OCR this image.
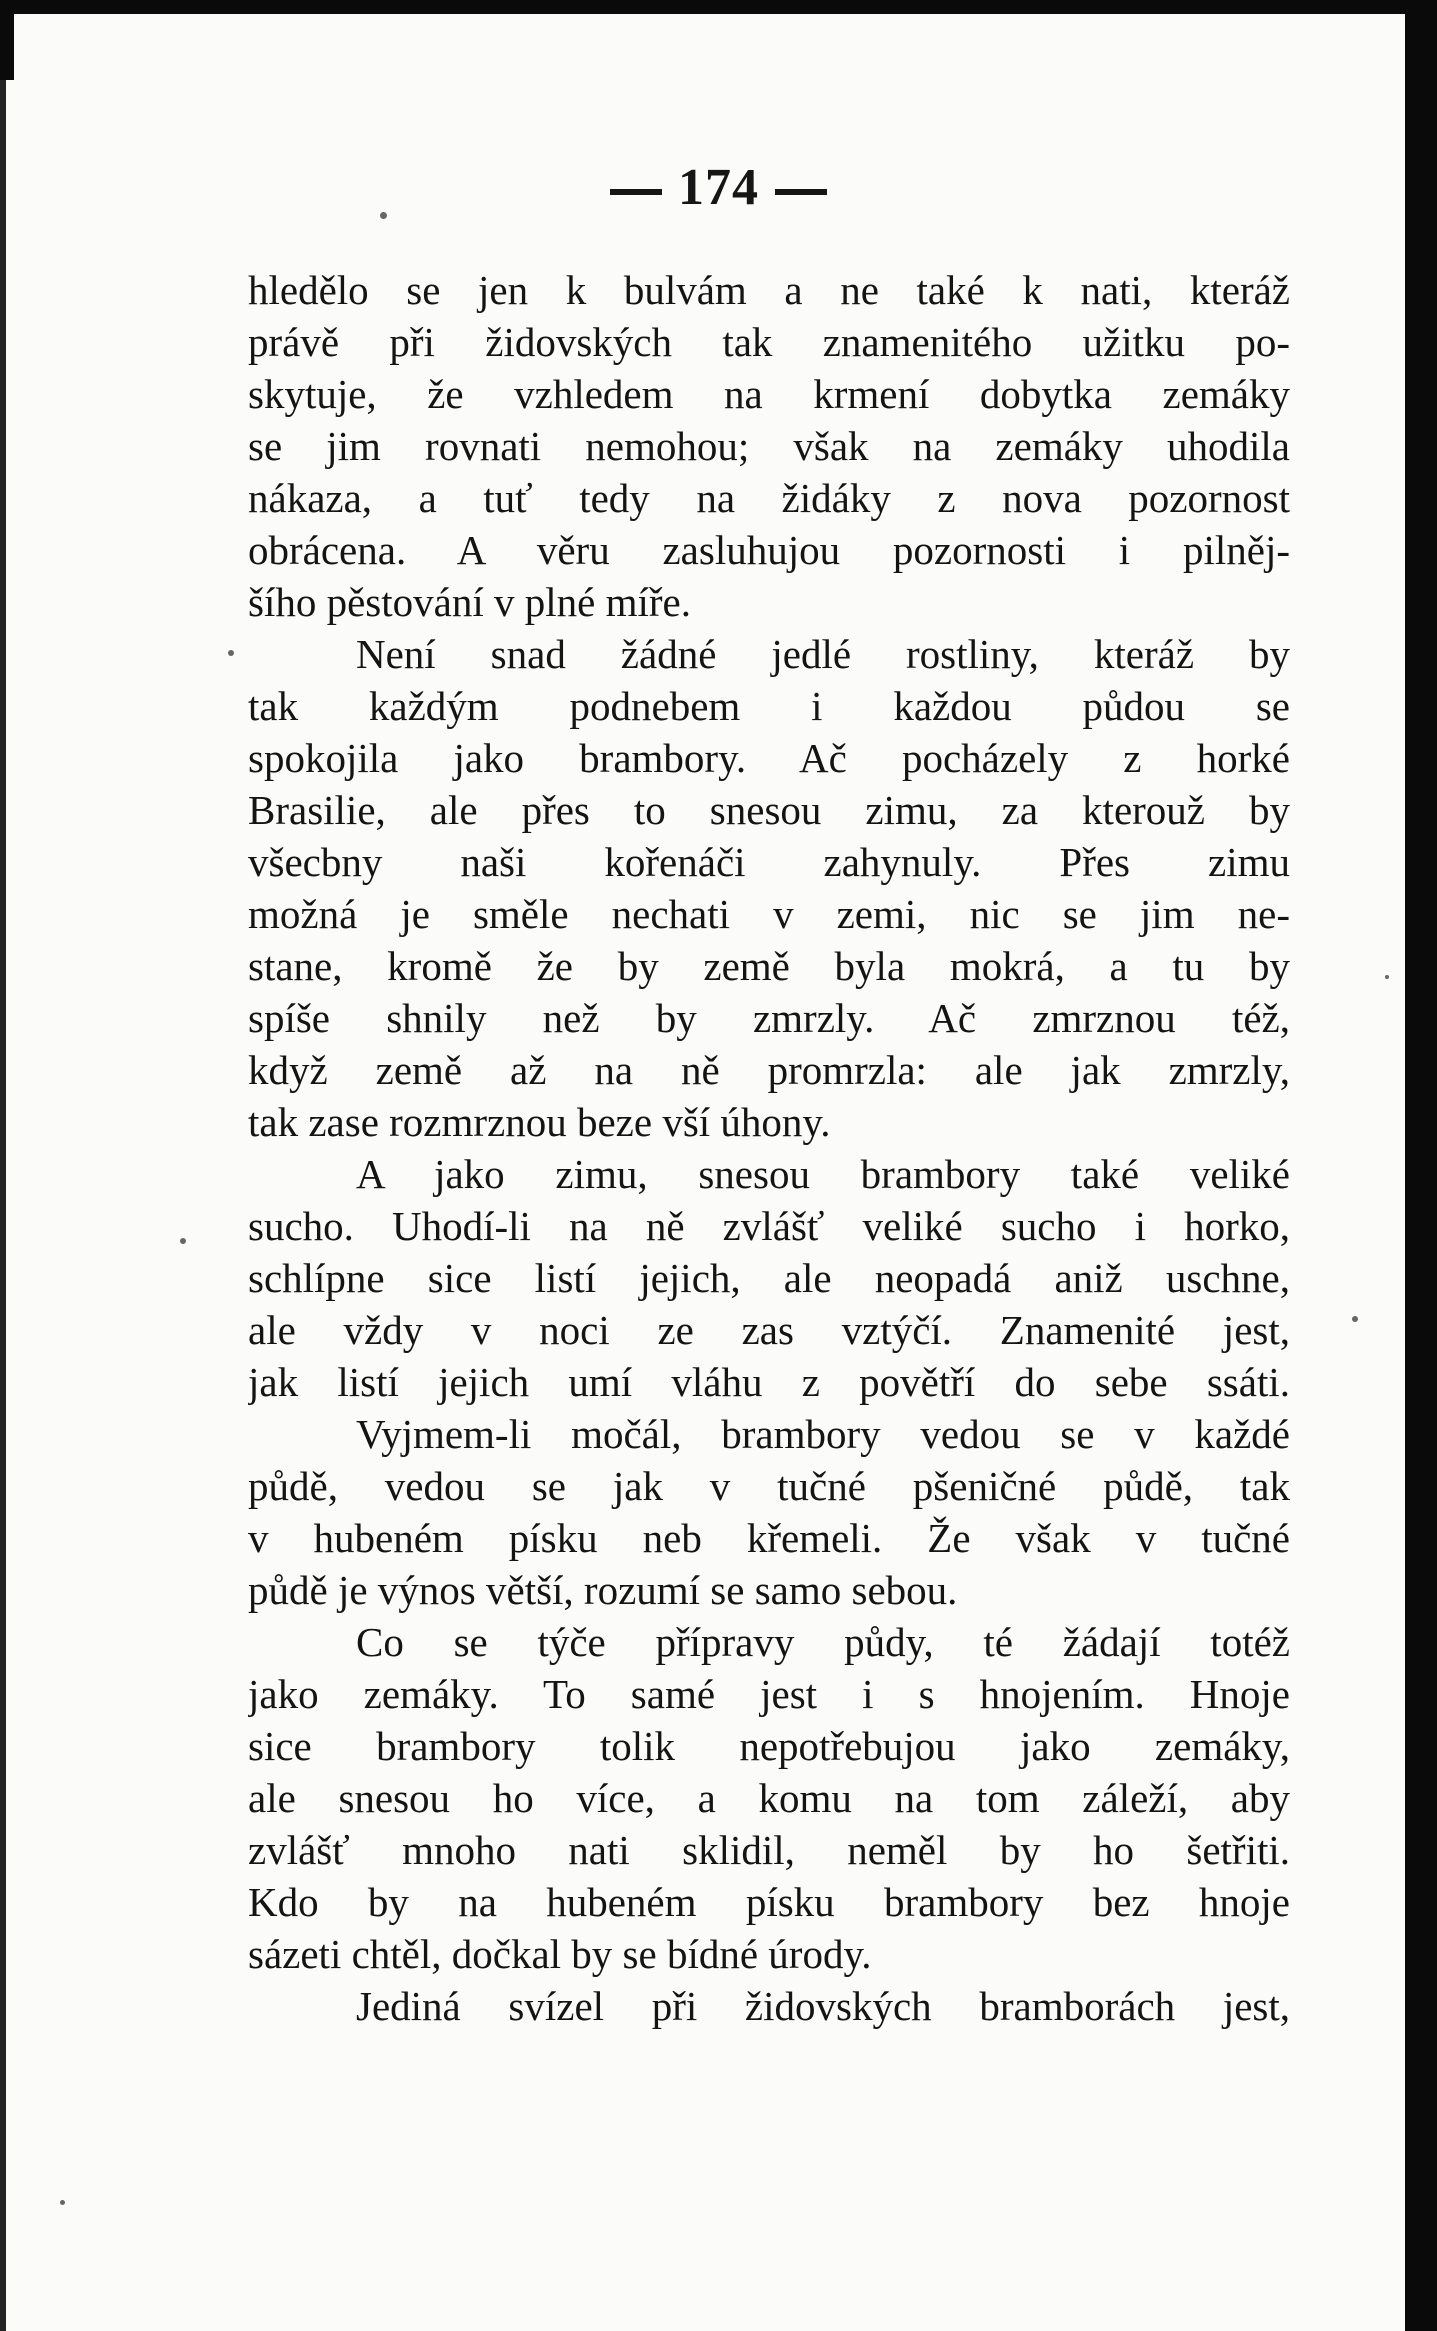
174
hledělo se jen k bulvám a ne také k nati, kteráž
právě při židovských tak znamenitého užitku po-
skytuje, že vzhledem na krmení dobytka zemáky
se jim rovnati nemohou; však na zemáky uhodila
nákaza, a tuť tedy na židáky z nova pozornost
obrácena. A věru zasluhujou pozornosti i pilněj-
šího pěstování v plné míře.
Není snad žádné jedlé rostliny, kteráž by
tak každým podnebem i každou půdou se
spokojila jako brambory. Ač pocházely z horké
Brasilie, ale přes to snesou zimu, za kterouž by
všecbny naši kořenáči zahynuly. Přes zimu
možná je směle nechati v zemi, nic se jim ne-
stane, kromě že by země byla mokrá, a tu by
spíše shnily než by zmrzly. Ač zmrznou též,
když země až na ně promrzla: ale jak zmrzly,
tak zase rozmrznou beze vší úhony.
A jako zimu, snesou brambory také veliké
sucho. Uhodí-li na ně zvlášť veliké sucho i horko,
schlípne sice listí jejich, ale neopadá aniž uschne,
ale vždy v noci ze zas vztýčí. Znamenité jest,
jak listí jejich umí vláhu z povětří do sebe ssáti.
Vyjmem-li močál, brambory vedou se v každé
půdě, vedou se jak v tučné pšeničné půdě, tak
v hubeném písku neb křemeli. Že však v tučné
půdě je výnos větší, rozumí se samo sebou.
Co se týče přípravy půdy, té žádají totéž
jako zemáky. To samé jest i s hnojením. Hnoje
sice brambory tolik nepotřebujou jako zemáky,
ale snesou ho více, a komu na tom záleží, aby
zvlášť mnoho nati sklidil, neměl by ho šetřiti.
Kdo by na hubeném písku brambory bez hnoje
sázeti chtěl, dočkal by se bídné úrody.
Jediná svízel při židovských bramborách jest,
